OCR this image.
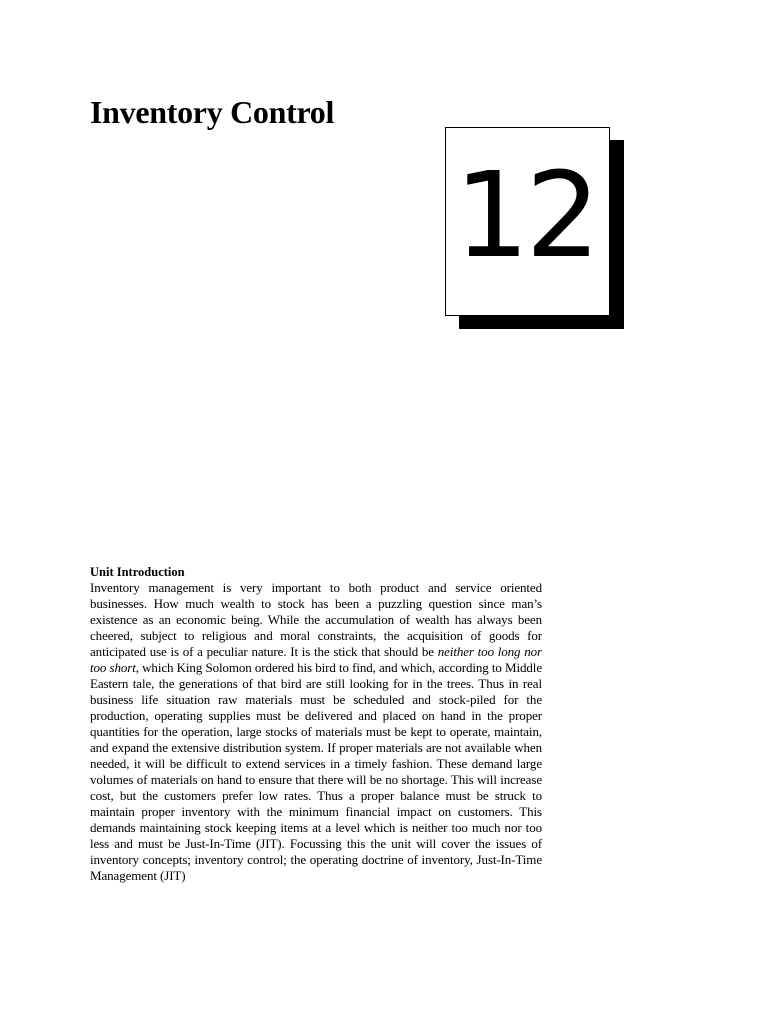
Inventory Control
12
Unit Introduction

Inventory management is very important to both product and service oriented businesses. How much wealth to stock has been a puzzling question since man’s existence as an economic being. While the accumulation of wealth has always been cheered, subject to religious and moral constraints, the acquisition of goods for anticipated use is of a peculiar nature. It is the stick that should be neither too long nor too short, which King Solomon ordered his bird to find, and which, according to Middle Eastern tale, the generations of that bird are still looking for in the trees. Thus in real business life situation raw materials must be scheduled and stock-piled for the production, operating supplies must be delivered and placed on hand in the proper quantities for the operation, large stocks of materials must be kept to operate, maintain, and expand the extensive distribution system. If proper materials are not available when needed, it will be difficult to extend services in a timely fashion. These demand large volumes of materials on hand to ensure that there will be no shortage. This will increase cost, but the customers prefer low rates. Thus a proper balance must be struck to maintain proper inventory with the minimum financial impact on customers. This demands maintaining stock keeping items at a level which is neither too much nor too less and must be Just-In-Time (JIT). Focussing this the unit will cover the issues of inventory concepts; inventory control; the operating doctrine of inventory, Just-In-Time Management (JIT)
